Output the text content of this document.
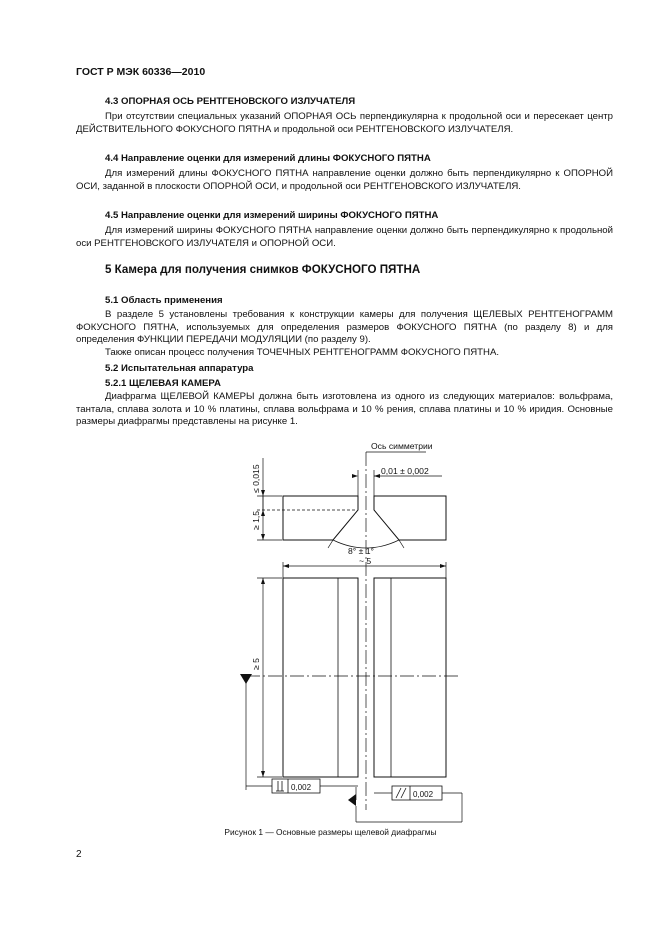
ГОСТ Р МЭК 60336—2010
4.3 ОПОРНАЯ ОСЬ РЕНТГЕНОВСКОГО ИЗЛУЧАТЕЛЯ
При отсутствии специальных указаний ОПОРНАЯ ОСЬ перпендикулярна к продольной оси и пересекает центр ДЕЙСТВИТЕЛЬНОГО ФОКУСНОГО ПЯТНА и продольной оси РЕНТГЕНОВСКОГО ИЗЛУЧАТЕЛЯ.
4.4 Направление оценки для измерений длины ФОКУСНОГО ПЯТНА
Для измерений длины ФОКУСНОГО ПЯТНА направление оценки должно быть перпендикулярно к ОПОРНОЙ ОСИ, заданной в плоскости ОПОРНОЙ ОСИ, и продольной оси РЕНТГЕНОВСКОГО ИЗЛУЧАТЕЛЯ.
4.5 Направление оценки для измерений ширины ФОКУСНОГО ПЯТНА
Для измерений ширины ФОКУСНОГО ПЯТНА направление оценки должно быть перпендикулярно к продольной оси РЕНТГЕНОВСКОГО ИЗЛУЧАТЕЛЯ и ОПОРНОЙ ОСИ.
5 Камера для получения снимков ФОКУСНОГО ПЯТНА
5.1 Область применения
В разделе 5 установлены требования к конструкции камеры для получения ЩЕЛЕВЫХ РЕНТГЕНОГРАММ ФОКУСНОГО ПЯТНА, используемых для определения размеров ФОКУСНОГО ПЯТНА (по разделу 8) и для определения ФУНКЦИИ ПЕРЕДАЧИ МОДУЛЯЦИИ (по разделу 9).
Также описан процесс получения ТОЧЕЧНЫХ РЕНТГЕНОГРАММ ФОКУСНОГО ПЯТНА.
5.2 Испытательная аппаратура
5.2.1 ЩЕЛЕВАЯ КАМЕРА
Диафрагма ЩЕЛЕВОЙ КАМЕРЫ должна быть изготовлена из одного из следующих материалов: вольфрама, тантала, сплава золота и 10 % платины, сплава вольфрама и 10 % рения, сплава платины и 10 % иридия. Основные размеры диафрагмы представлены на рисунке 1.
Ось симметрии
0,01 ± 0,002
≤ 0,015
≥ 1,5
8° ± 1°
~ 5
≥ 5
0,002
0,002
Рисунок 1 — Основные размеры щелевой диафрагмы
2
